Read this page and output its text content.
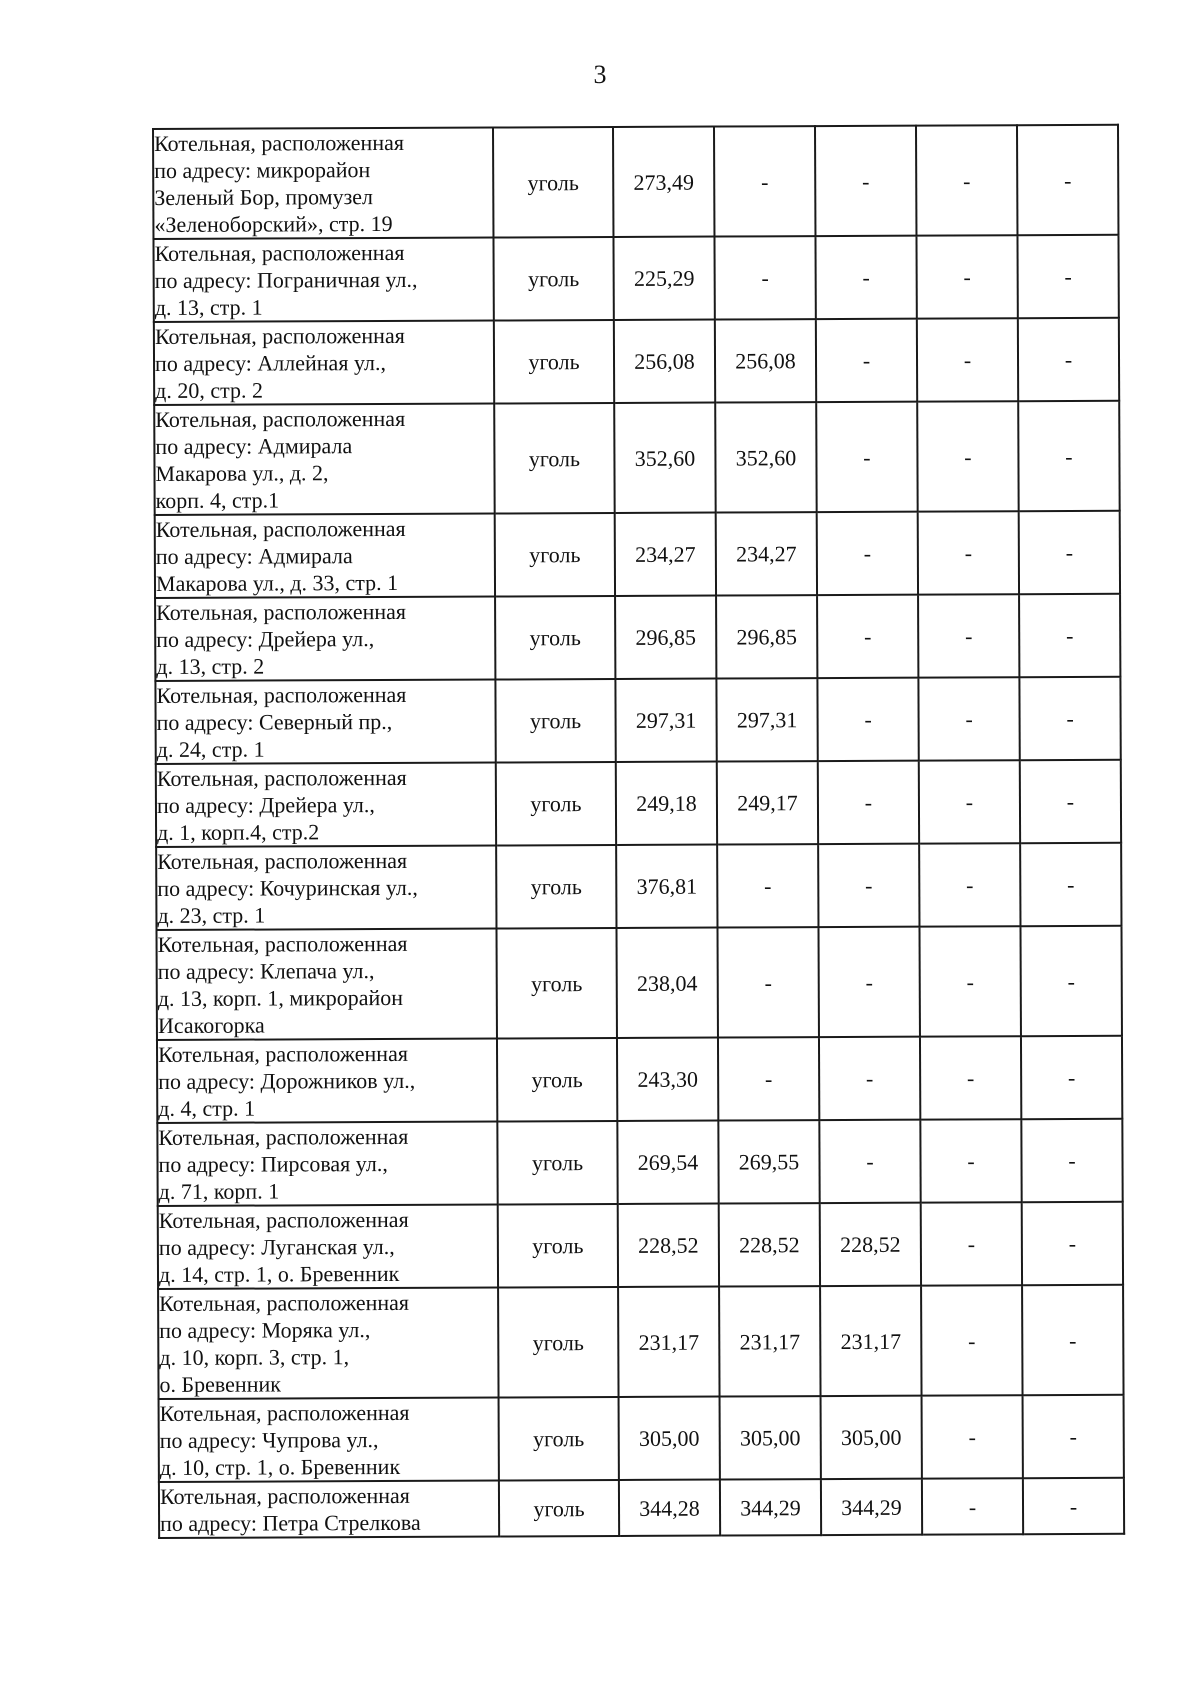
3
Котельная, расположенная
по адресу: микрорайон
Зеленый Бор, промузел
«Зеленоборский», стр. 19	уголь	273,49	-	-	-	-
Котельная, расположенная
по адресу: Пограничная ул.,
д. 13, стр. 1	уголь	225,29	-	-	-	-
Котельная, расположенная
по адресу: Аллейная ул.,
д. 20, стр. 2	уголь	256,08	256,08	-	-	-
Котельная, расположенная
по адресу: Адмирала
Макарова ул., д. 2,
корп. 4, стр.1	уголь	352,60	352,60	-	-	-
Котельная, расположенная
по адресу: Адмирала
Макарова ул., д. 33, стр. 1	уголь	234,27	234,27	-	-	-
Котельная, расположенная
по адресу: Дрейера ул.,
д. 13, стр. 2	уголь	296,85	296,85	-	-	-
Котельная, расположенная
по адресу: Северный пр.,
д. 24, стр. 1	уголь	297,31	297,31	-	-	-
Котельная, расположенная
по адресу: Дрейера ул.,
д. 1, корп.4, стр.2	уголь	249,18	249,17	-	-	-
Котельная, расположенная
по адресу: Кочуринская ул.,
д. 23, стр. 1	уголь	376,81	-	-	-	-
Котельная, расположенная
по адресу: Клепача ул.,
д. 13, корп. 1, микрорайон
Исакогорка	уголь	238,04	-	-	-	-
Котельная, расположенная
по адресу: Дорожников ул.,
д. 4, стр. 1	уголь	243,30	-	-	-	-
Котельная, расположенная
по адресу: Пирсовая ул.,
д. 71, корп. 1	уголь	269,54	269,55	-	-	-
Котельная, расположенная
по адресу: Луганская ул.,
д. 14, стр. 1, о. Бревенник	уголь	228,52	228,52	228,52	-	-
Котельная, расположенная
по адресу: Моряка ул.,
д. 10, корп. 3, стр. 1,
о. Бревенник	уголь	231,17	231,17	231,17	-	-
Котельная, расположенная
по адресу: Чупрова ул.,
д. 10, стр. 1, о. Бревенник	уголь	305,00	305,00	305,00	-	-
Котельная, расположенная
по адресу: Петра Стрелкова	уголь	344,28	344,29	344,29	-	-
